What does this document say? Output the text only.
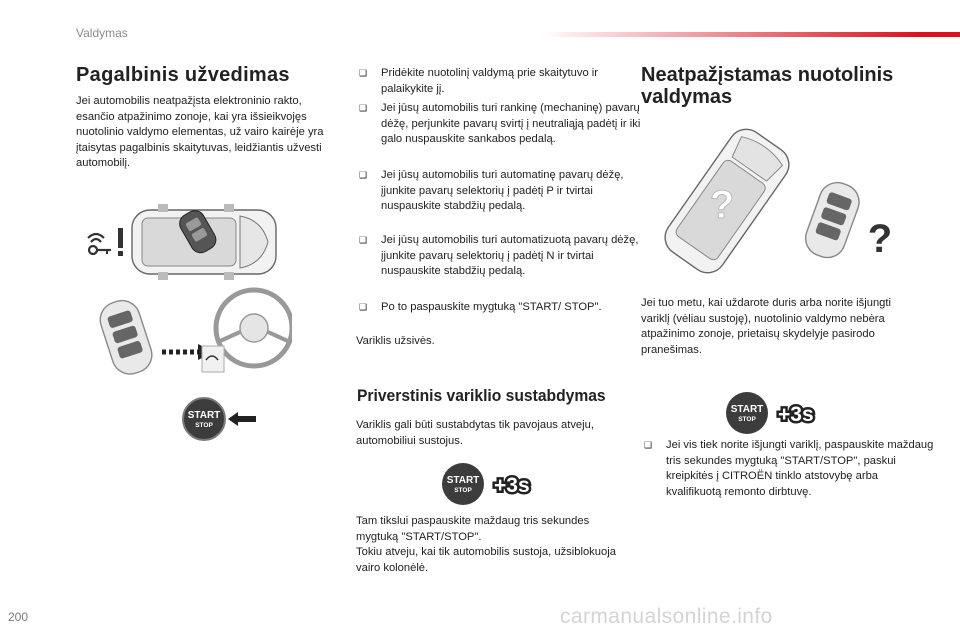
Valdymas
Pagalbinis užvedimas
Jei automobilis neatpažįsta elektroninio rakto, esančio atpažinimo zonoje, kai yra išsieikvojęs nuotolinio valdymo elementas, už vairo kairėje yra įtaisytas pagalbinis skaitytuvas, leidžiantis užvesti automobilį.
START
STOP
❑ Pridėkite nuotolinį valdymą prie skaitytuvo ir palaikykite jį.
❑ Jei jūsų automobilis turi rankinę (mechaninę) pavarų dėžę, perjunkite pavarų svirtį į neutraliąją padėtį ir iki galo nuspauskite sankabos pedalą.
❑ Jei jūsų automobilis turi automatinę pavarų dėžę, įjunkite pavarų selektorių į padėtį P ir tvirtai nuspauskite stabdžių pedalą.
❑ Jei jūsų automobilis turi automatizuotą pavarų dėžę, įjunkite pavarų selektorių į padėtį N ir tvirtai nuspauskite stabdžių pedalą.
❑ Po to paspauskite mygtuką "START/ STOP".
Variklis užsivės.
Priverstinis variklio sustabdymas
Variklis gali būti sustabdytas tik pavojaus atveju, automobiliui sustojus.
START
STOP +3s
Tam tikslui paspauskite maždaug tris sekundes mygtuką "START/STOP".
Tokiu atveju, kai tik automobilis sustoja, užsiblokuoja vairo kolonėlė.
Neatpažįstamas nuotolinis valdymas
?
?
Jei tuo metu, kai uždarote duris arba norite išjungti variklį (vėliau sustoję), nuotolinio valdymo nebėra atpažinimo zonoje, prietaisų skydelyje pasirodo pranešimas.
START
STOP +3s
❑ Jei vis tiek norite išjungti variklį, paspauskite maždaug tris sekundes mygtuką "START/STOP", paskui kreipkitės į CITROËN tinklo atstovybę arba kvalifikuotą remonto dirbtuvę.
200	carmanualsonline.info
